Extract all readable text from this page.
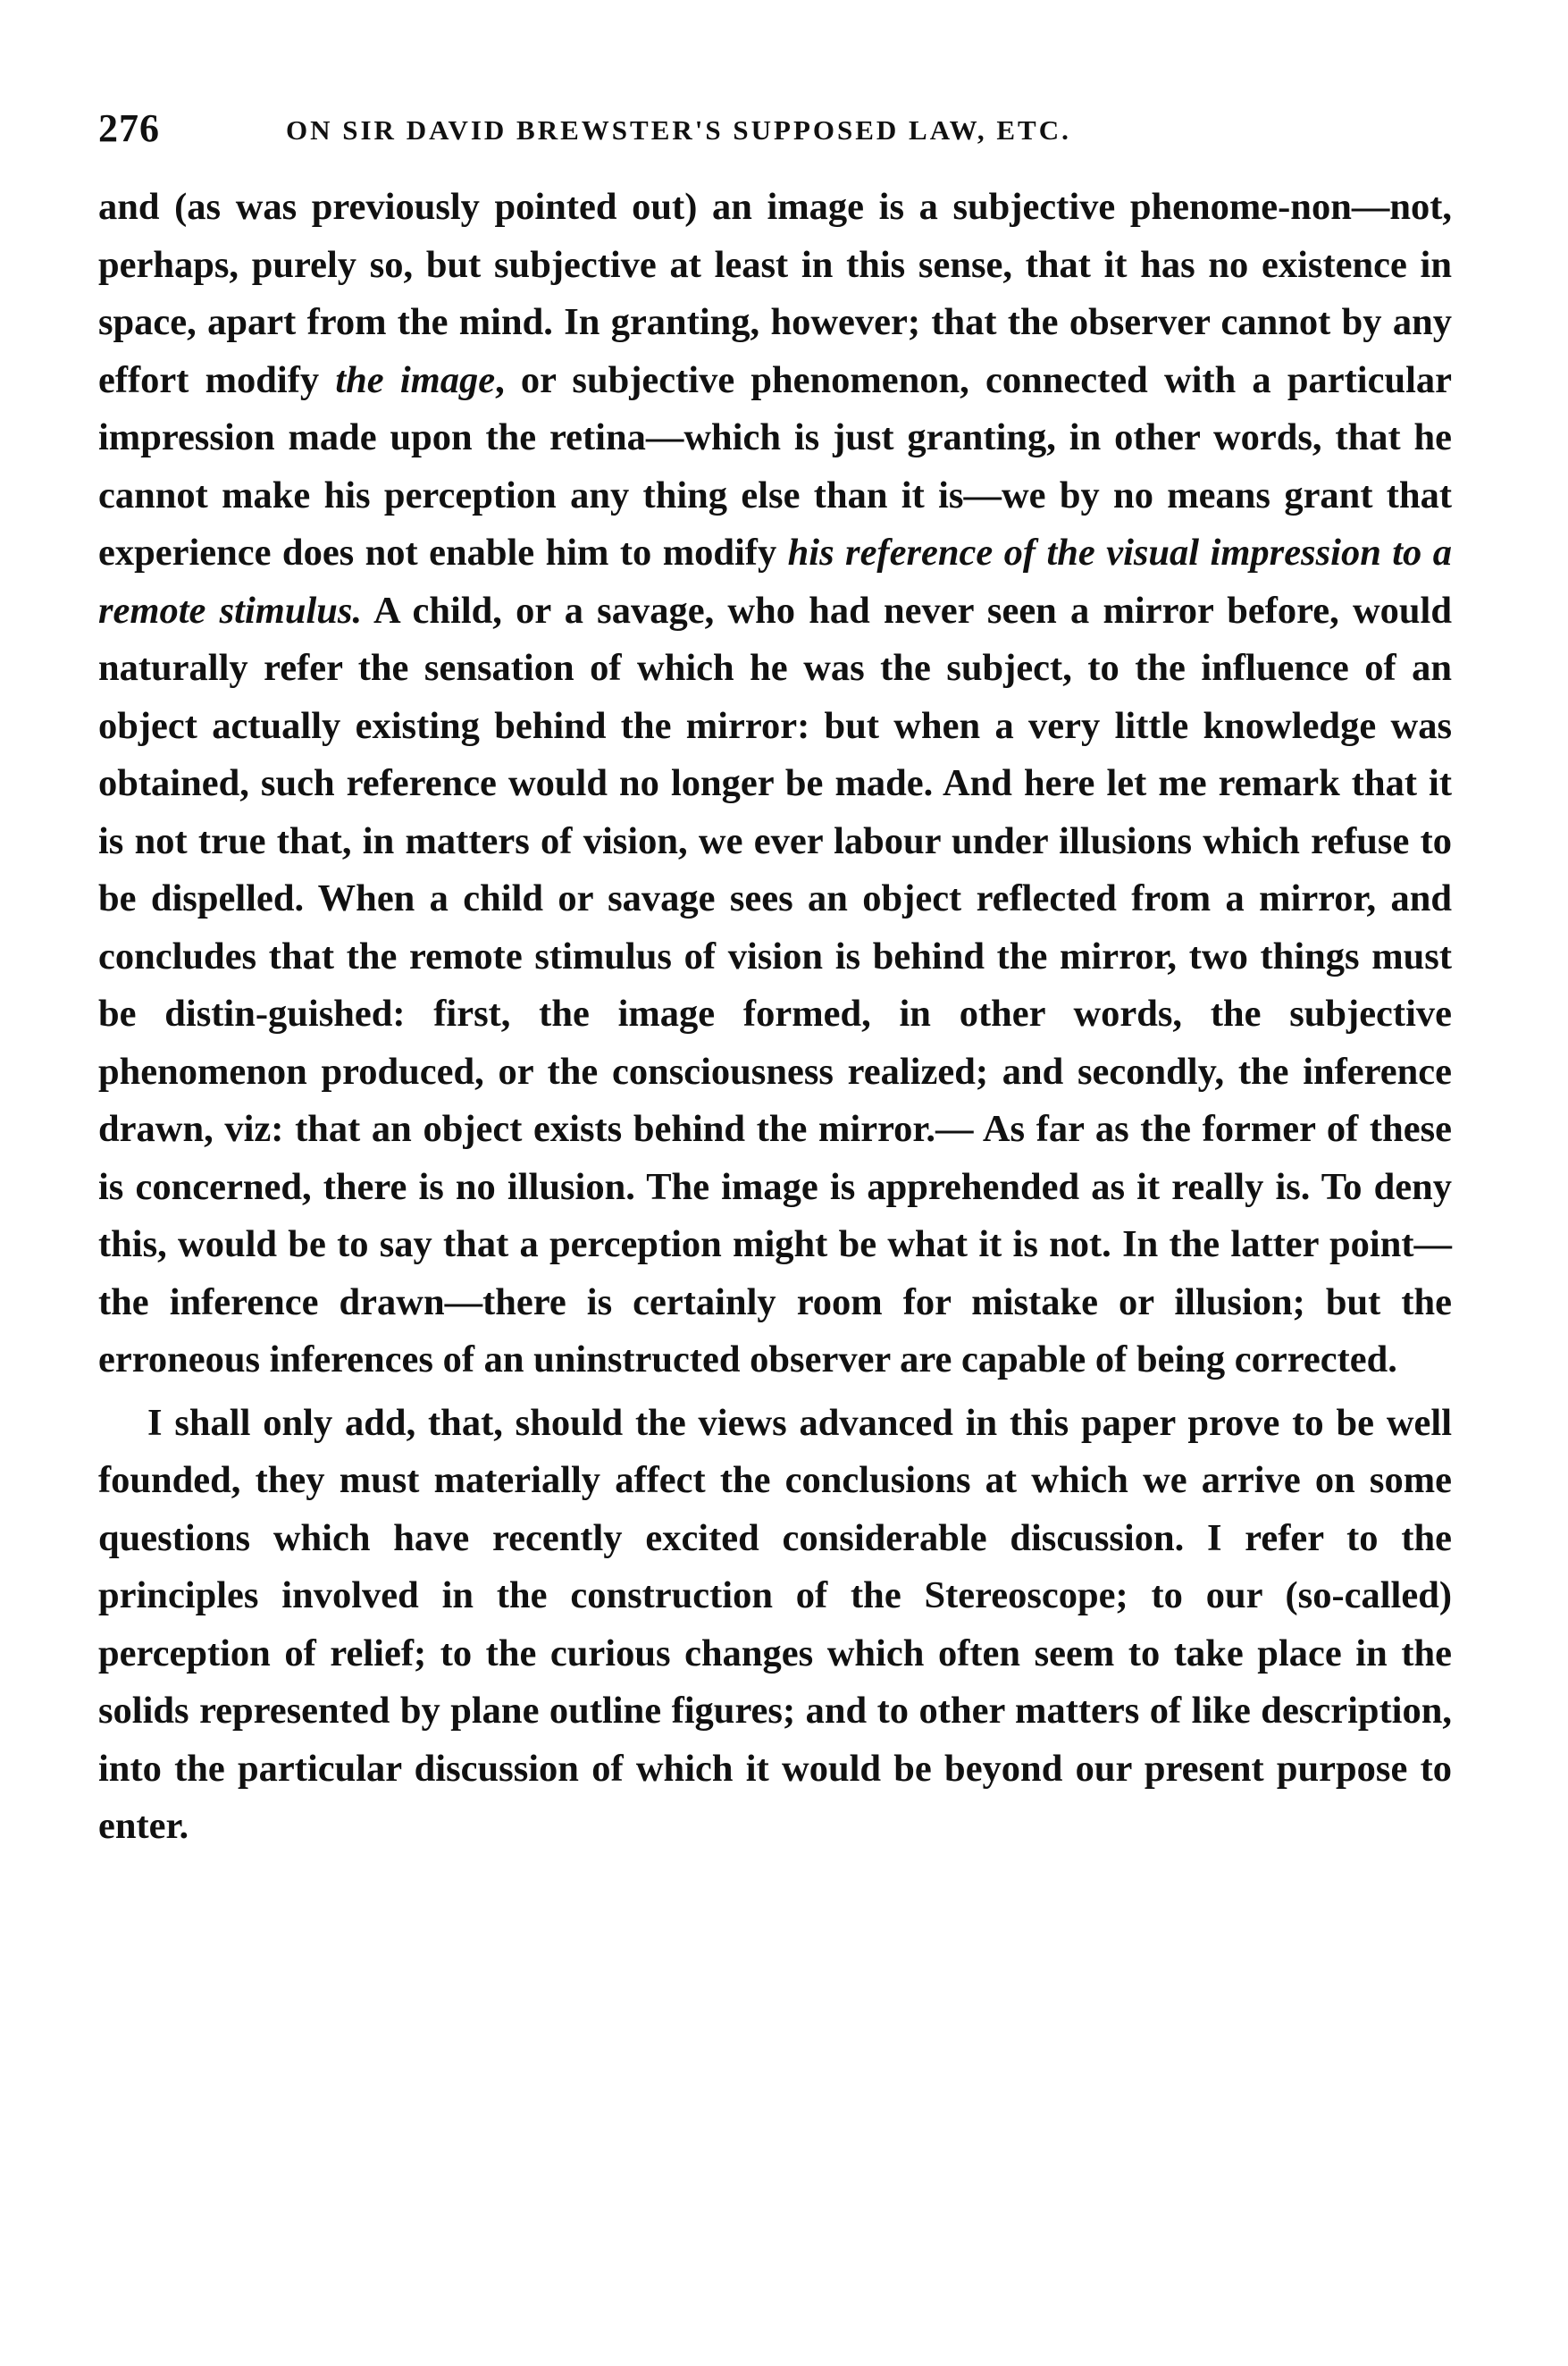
276	ON SIR DAVID BREWSTER'S SUPPOSED LAW, ETC.

and (as was previously pointed out) an image is a subjective phenome-non—not, perhaps, purely so, but subjective at least in this sense, that it has no existence in space, apart from the mind. In granting, however; that the observer cannot by any effort modify the image, or subjective phenomenon, connected with a particular impression made upon the retina—which is just granting, in other words, that he cannot make his perception any thing else than it is—we by no means grant that experience does not enable him to modify his reference of the visual impression to a remote stimulus. A child, or a savage, who had never seen a mirror before, would naturally refer the sensation of which he was the subject, to the influence of an object actually existing behind the mirror: but when a very little knowledge was obtained, such reference would no longer be made. And here let me remark that it is not true that, in matters of vision, we ever labour under illusions which refuse to be dispelled. When a child or savage sees an object reflected from a mirror, and concludes that the remote stimulus of vision is behind the mirror, two things must be distin-guished: first, the image formed, in other words, the subjective phenomenon produced, or the consciousness realized; and secondly, the inference drawn, viz: that an object exists behind the mirror.— As far as the former of these is concerned, there is no illusion. The image is apprehended as it really is. To deny this, would be to say that a perception might be what it is not. In the latter point—the inference drawn—there is certainly room for mistake or illusion; but the erroneous inferences of an uninstructed observer are capable of being corrected.

I shall only add, that, should the views advanced in this paper prove to be well founded, they must materially affect the conclusions at which we arrive on some questions which have recently excited considerable discussion. I refer to the principles involved in the construction of the Stereoscope; to our (so-called) perception of relief; to the curious changes which often seem to take place in the solids represented by plane outline figures; and to other matters of like description, into the particular discussion of which it would be beyond our present purpose to enter.
